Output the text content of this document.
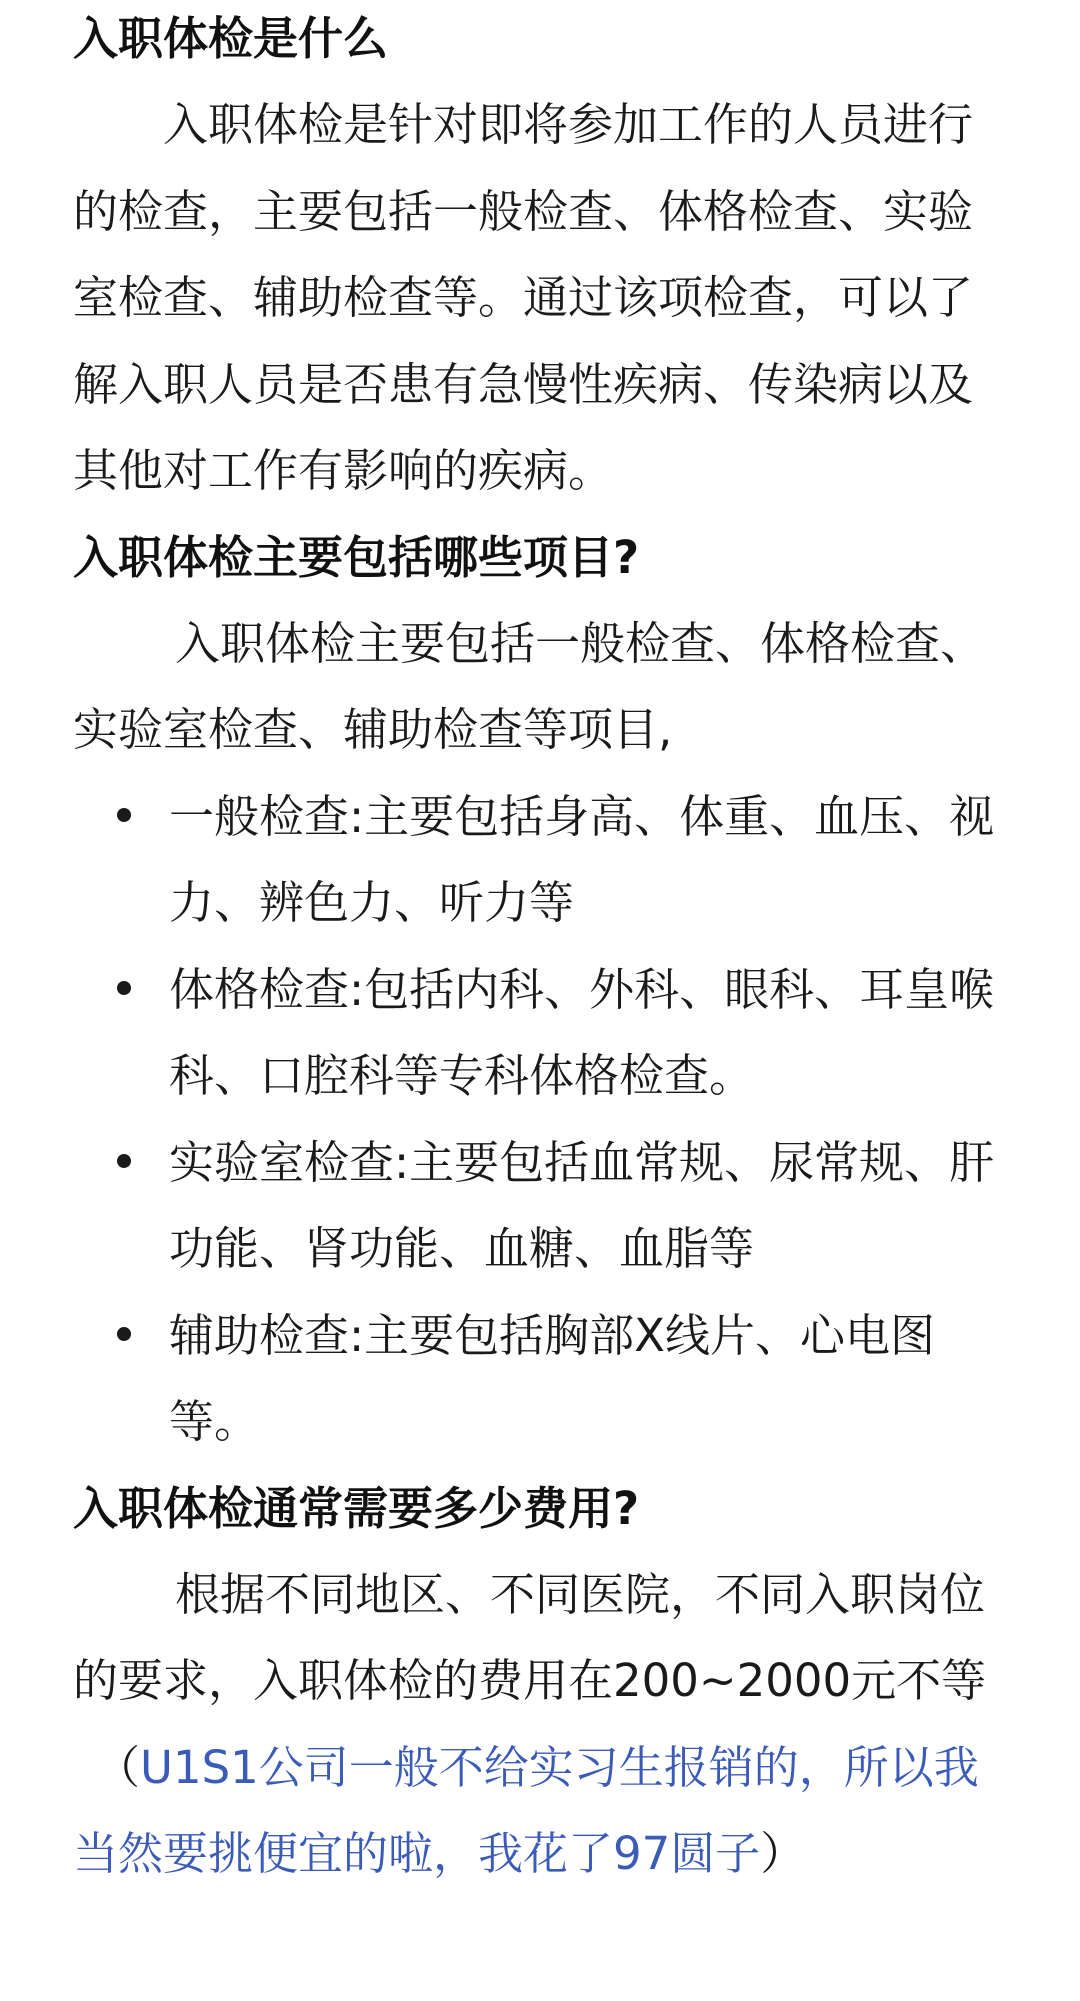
入职体检是什么

入职体检是针对即将参加工作的人员进行的检查，主要包括一般检查、体格检查、实验室检查、辅助检查等。通过该项检查，可以了解入职人员是否患有急慢性疾病、传染病以及其他对工作有影响的疾病。

入职体检主要包括哪些项目?

入职体检主要包括一般检查、体格检查、实验室检查、辅助检查等项目,

一般检查:主要包括身高、体重、血压、视力、辨色力、听力等
体格检查:包括内科、外科、眼科、耳皇喉科、口腔科等专科体格检查。
实验室检查:主要包括血常规、尿常规、肝功能、肾功能、血糖、血脂等
辅助检查:主要包括胸部X线片、心电图等。
入职体检通常需要多少费用?

根据不同地区、不同医院，不同入职岗位的要求，入职体检的费用在200~2000元不等

（U1S1公司一般不给实习生报销的，所以我当然要挑便宜的啦，我花了97圆子）
